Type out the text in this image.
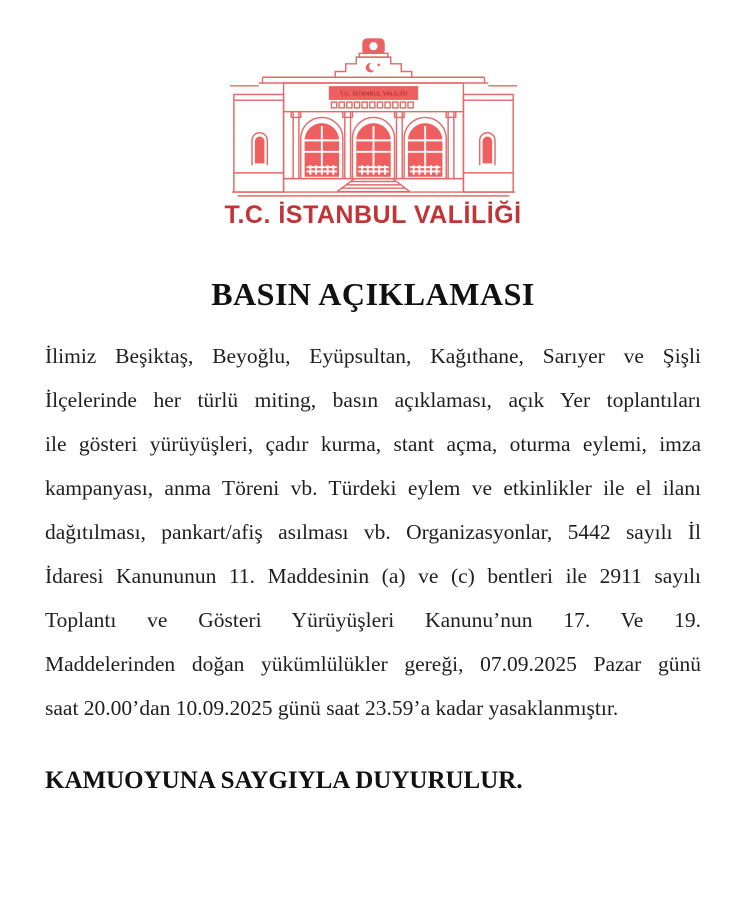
T.C. İSTANBUL VALİLİĞİ
T.C. İSTANBUL VALİLİĞİ
BASIN AÇIKLAMASI
İlimiz Beşiktaş, Beyoğlu, Eyüpsultan, Kağıthane, Sarıyer ve Şişli
İlçelerinde her türlü miting, basın açıklaması, açık Yer toplantıları
ile gösteri yürüyüşleri, çadır kurma, stant açma, oturma eylemi, imza
kampanyası, anma Töreni vb. Türdeki eylem ve etkinlikler ile el ilanı
dağıtılması, pankart/afiş asılması vb. Organizasyonlar, 5442 sayılı İl
İdaresi Kanununun 11. Maddesinin (a) ve (c) bentleri ile 2911 sayılı
Toplantı ve Gösteri Yürüyüşleri Kanunu’nun 17. Ve 19.
Maddelerinden doğan yükümlülükler gereği, 07.09.2025 Pazar günü
saat 20.00’dan 10.09.2025 günü saat 23.59’a kadar yasaklanmıştır.
KAMUOYUNA SAYGIYLA DUYURULUR.
